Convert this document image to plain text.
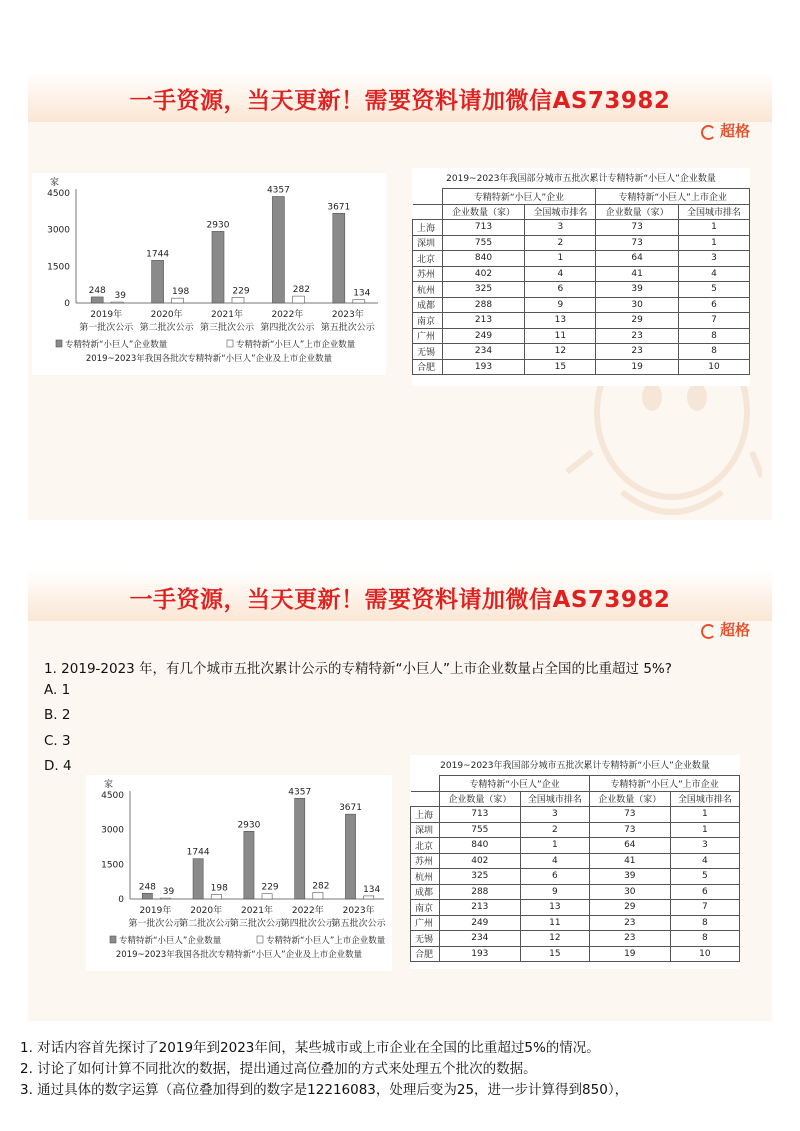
一手资源，当天更新！需要资料请加微信AS73982
超格
家
4500
3000
1500
0
248
39
2019年
第一批次公示
1744
198
2020年
第二批次公示
2930
229
2021年
第三批次公示
4357
282
2022年
第四批次公示
3671
134
2023年
第五批次公示
专精特新“小巨人”企业数量	专精特新“小巨人”上市企业数量
2019~2023年我国各批次专精特新“小巨人”企业及上市企业数量
2019~2023年我国部分城市五批次累计专精特新“小巨人”企业数量
	专精特新“小巨人”企业		专精特新“小巨人”上市企业	
	企业数量（家）	全国城市排名	企业数量（家）	全国城市排名
上海	713	3	73	1
深圳	755	2	73	1
北京	840	1	64	3
苏州	402	4	41	4
杭州	325	6	39	5
成都	288	9	30	6
南京	213	13	29	7
广州	249	11	23	8
无锡	234	12	23	8
合肥	193	15	19	10
一手资源，当天更新！需要资料请加微信AS73982
超格
家
4500
3000
1500
0
248 39
2019年
第一批次公示
1744
198
2020年
第二批次公示
2930
229
2021年
第三批次公示
4357
282
2022年
第四批次公示
3671
134
2023年
第五批次公示
专精特新“小巨人”企业数量	专精特新“小巨人”上市企业数量
2019~2023年我国各批次专精特新“小巨人”企业及上市企业数量
2019~2023年我国部分城市五批次累计专精特新“小巨人”企业数量
	专精特新“小巨人”企业		专精特新“小巨人”上市企业	
	企业数量（家）	全国城市排名	企业数量（家）	全国城市排名
上海	713	3	73	1
深圳	755	2	73	1
北京	840	1	64	3
苏州	402	4	41	4
杭州	325	6	39	5
成都	288	9	30	6
南京	213	13	29	7
广州	249	11	23	8
无锡	234	12	23	8
合肥	193	15	19	10
1. 2019-2023 年，有几个城市五批次累计公示的专精特新“小巨人”上市企业数量占全国的比重超过 5%?
A. 1
B. 2
C. 3
D. 4
1. 对话内容首先探讨了2019年到2023年间，某些城市或上市企业在全国的比重超过5%的情况。
2. 讨论了如何计算不同批次的数据，提出通过高位叠加的方式来处理五个批次的数据。
3. 通过具体的数字运算（高位叠加得到的数字是12216083，处理后变为25，进一步计算得到850），
